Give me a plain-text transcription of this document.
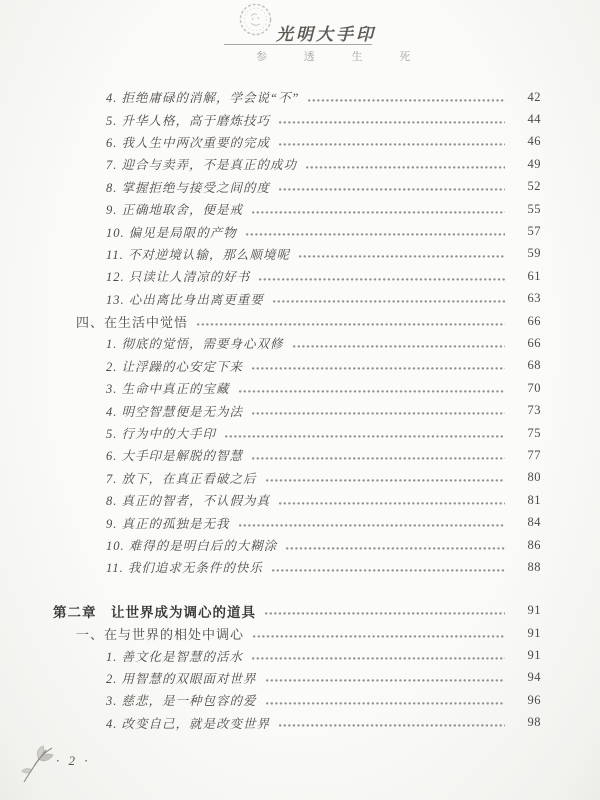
光明大手印
参 透 生 死
4. 拒绝庸碌的消解，学会说“不”	42
5. 升华人格，高于磨炼技巧	44
6. 我人生中两次重要的完成	46
7. 迎合与卖弄，不是真正的成功	49
8. 掌握拒绝与接受之间的度	52
9. 正确地取舍，便是戒	55
10. 偏见是局限的产物	57
11. 不对逆境认输，那么顺境呢	59
12. 只读让人清凉的好书	61
13. 心出离比身出离更重要	63
四、在生活中觉悟	66
1. 彻底的觉悟，需要身心双修	66
2. 让浮躁的心安定下来	68
3. 生命中真正的宝藏	70
4. 明空智慧便是无为法	73
5. 行为中的大手印	75
6. 大手印是解脱的智慧	77
7. 放下，在真正看破之后	80
8. 真正的智者，不认假为真	81
9. 真正的孤独是无我	84
10. 难得的是明白后的大糊涂	86
11. 我们追求无条件的快乐	88
第二章　让世界成为调心的道具	91
一、在与世界的相处中调心	91
1. 善文化是智慧的活水	91
2. 用智慧的双眼面对世界	94
3. 慈悲，是一种包容的爱	96
4. 改变自己，就是改变世界	98
· 2 ·
